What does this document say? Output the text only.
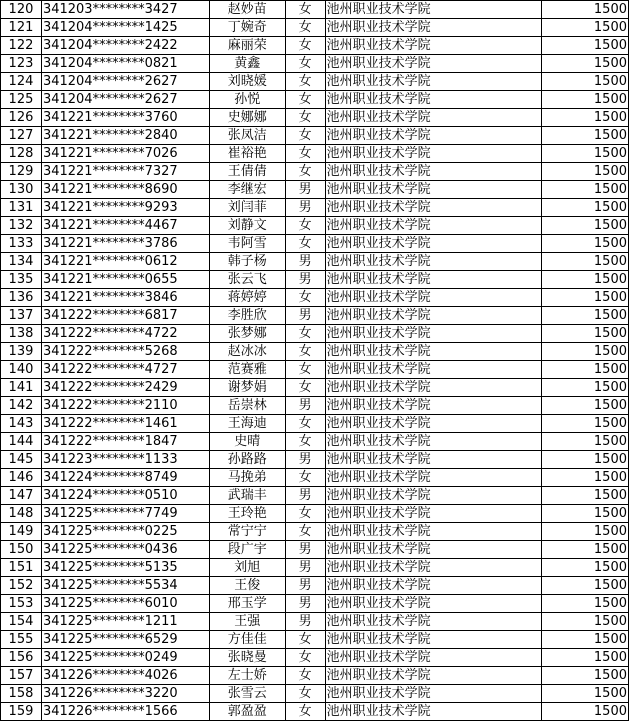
120	341203********3427	赵妙苗	女	池州职业技术学院	1500
121	341204********1425	丁婉奇	女	池州职业技术学院	1500
122	341204********2422	麻丽荣	女	池州职业技术学院	1500
123	341204********0821	黄鑫	女	池州职业技术学院	1500
124	341204********2627	刘晓媛	女	池州职业技术学院	1500
125	341204********2627	孙悦	女	池州职业技术学院	1500
126	341221********3760	史娜娜	女	池州职业技术学院	1500
127	341221********2840	张凤洁	女	池州职业技术学院	1500
128	341221********7026	崔裕艳	女	池州职业技术学院	1500
129	341221********7327	王倩倩	女	池州职业技术学院	1500
130	341221********8690	李继宏	男	池州职业技术学院	1500
131	341221********9293	刘闫菲	男	池州职业技术学院	1500
132	341221********4467	刘静文	女	池州职业技术学院	1500
133	341221********3786	韦阿雪	女	池州职业技术学院	1500
134	341221********0612	韩子杨	男	池州职业技术学院	1500
135	341221********0655	张云飞	男	池州职业技术学院	1500
136	341221********3846	蒋婷婷	女	池州职业技术学院	1500
137	341222********6817	李胜欣	男	池州职业技术学院	1500
138	341222********4722	张梦娜	女	池州职业技术学院	1500
139	341222********5268	赵冰冰	女	池州职业技术学院	1500
140	341222********4727	范赛雅	女	池州职业技术学院	1500
141	341222********2429	谢梦娟	女	池州职业技术学院	1500
142	341222********2110	岳崇林	男	池州职业技术学院	1500
143	341222********1461	王海迪	女	池州职业技术学院	1500
144	341222********1847	史晴	女	池州职业技术学院	1500
145	341223********1133	孙路路	男	池州职业技术学院	1500
146	341224********8749	马挽弟	女	池州职业技术学院	1500
147	341224********0510	武瑞丰	男	池州职业技术学院	1500
148	341225********7749	王玲艳	女	池州职业技术学院	1500
149	341225********0225	常宁宁	女	池州职业技术学院	1500
150	341225********0436	段广宇	男	池州职业技术学院	1500
151	341225********5135	刘旭	男	池州职业技术学院	1500
152	341225********5534	王俊	男	池州职业技术学院	1500
153	341225********6010	邢玉学	男	池州职业技术学院	1500
154	341225********1211	王强	男	池州职业技术学院	1500
155	341225********6529	方佳佳	女	池州职业技术学院	1500
156	341225********0249	张晓曼	女	池州职业技术学院	1500
157	341226********4026	左士娇	女	池州职业技术学院	1500
158	341226********3220	张雪云	女	池州职业技术学院	1500
159	341226********1566	郭盈盈	女	池州职业技术学院	1500
